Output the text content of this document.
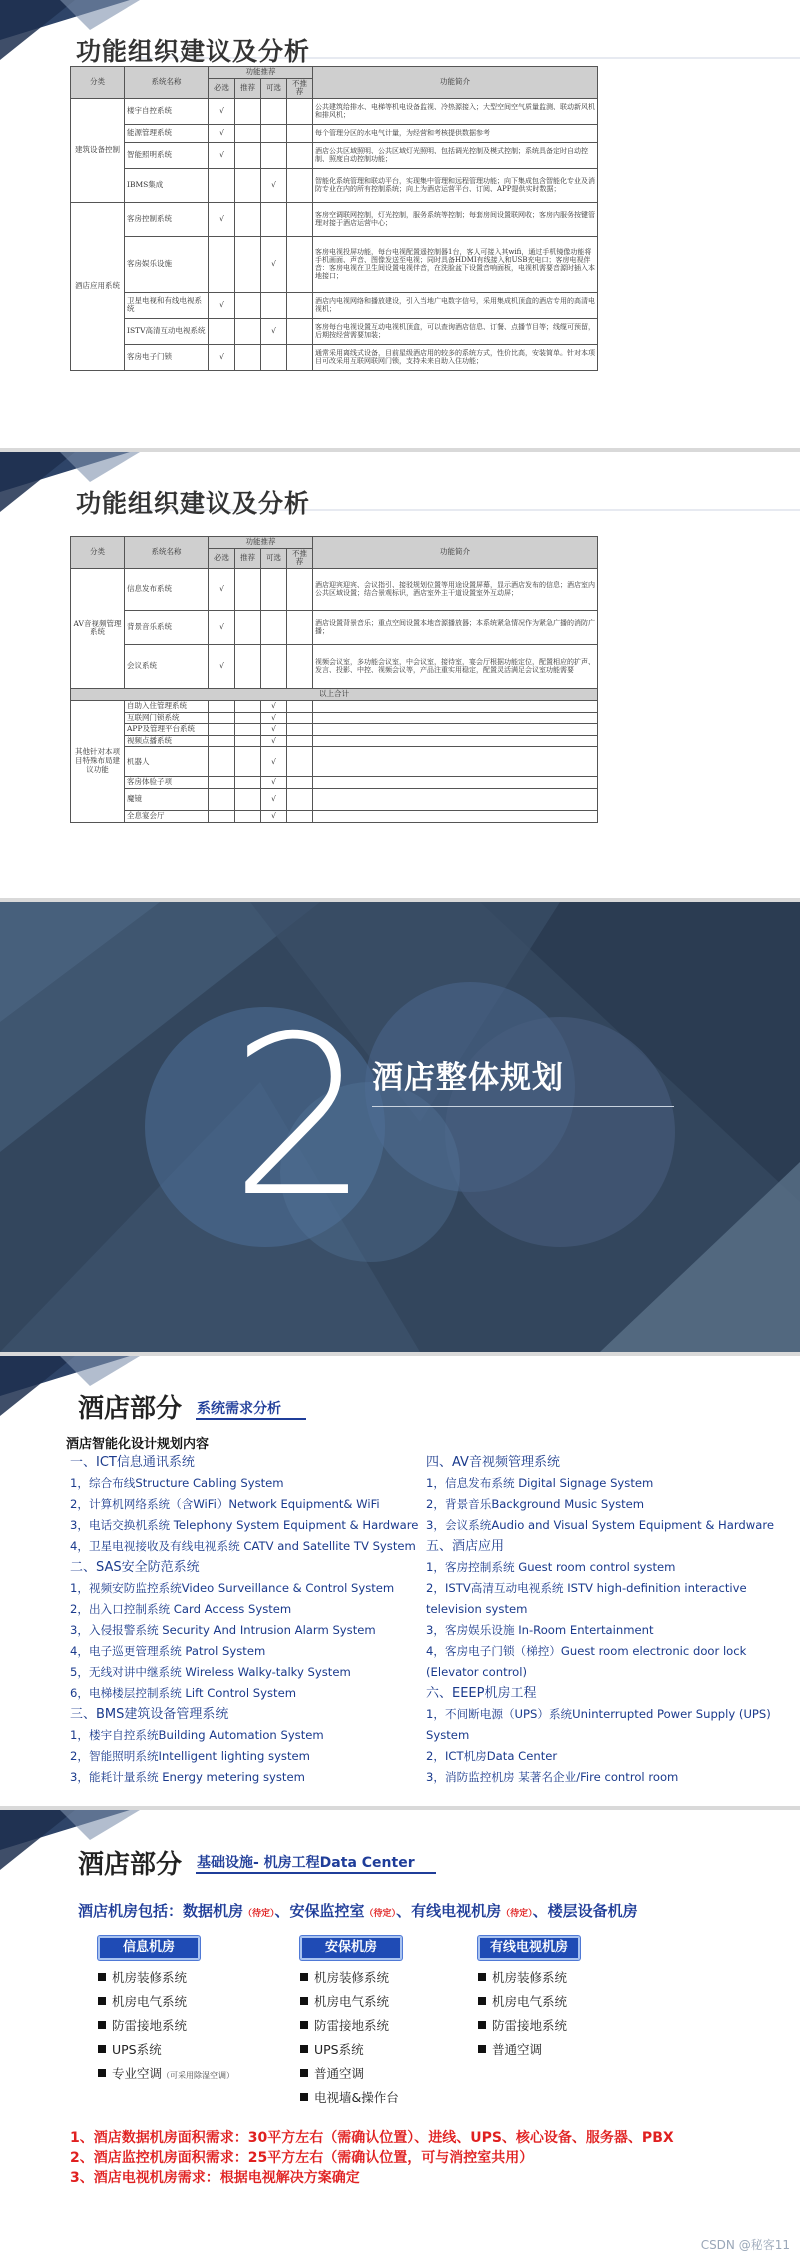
功能组织建议及分析
分类	系统名称	功能推荐				功能简介
		必选	推荐	可选	不推荐	
建筑设备控制	楼宇自控系统	√				公共建筑给排水、电梯等机电设备监视、冷热源接入；大型空间空气质量监测、联动新风机和排风机；
	能源管理系统	√				每个管理分区的水电气计量，为经营和考核提供数据参考
	智能照明系统	√				酒店公共区域照明、公共区域灯光照明、包括调光控制及模式控制；系统具备定时自动控制、照度自动控制功能；
	IBMS集成			√		智能化系统管理和联动平台，实现集中管理和远程管理功能；向下集成包含智能化专业及消防专业在内的所有控制系统；向上为酒店运营平台、订阅、APP提供实时数据；
酒店应用系统	客房控制系统	√				客房空调联网控制，灯光控制，服务系统等控制；每套房间设置联网收；客房内服务按键管理对接于酒店运营中心；
	客房娱乐设施			√		客房电视投屏功能，每台电视配置遥控制器1台，客人可接入其wifi，通过手机镜像功能将手机画面、声音、图像发送至电视；同时具备HDMI有线接入和USB充电口；客房电视伴音：客房电视在卫生间设置电视伴音，在洗脸盆下设置音响面板，电视机需要音源时插入本地接口；
	卫星电视和有线电视系统	√				酒店内电视网络和播放建设，引入当地广电数字信号，采用集成机顶盒的酒店专用的高清电视机；
	ISTV高清互动电视系统			√		客房每台电视设置互动电视机顶盒，可以查询酒店信息、订餐、点播节目等；线缆可预留，后期按经营需要加装；
	客房电子门锁	√				通常采用离线式设备，目前星级酒店用的较多的系统方式，性价比高，安装简单。针对本项目可改采用互联网联网门锁，支持未来自助入住功能；
功能组织建议及分析
分类	系统名称	功能推荐				功能简介
		必选	推荐	可选	不推荐	
AV音视频管理系统	信息发布系统	√				酒店迎宾迎宾、会议指引、接驳规划位置等用途设置屏幕，显示酒店发布的信息；酒店室内公共区域设置；结合景观标识，酒店室外主干道设置室外互动屏；
	背景音乐系统	√				酒店设置背景音乐；重点空间设置本地音源播放器；本系统紧急情况作为紧急广播的消防广播；
	会议系统	√				视频会议室，多功能会议室，中会议室，接待室，宴会厅根据功能定位，配置相应的扩声、发言、投影、中控、视频会议等，产品注重实用稳定，配置灵活满足会议室功能需要
以上合计						
其他针对本项目特殊布局建议功能	自助入住管理系统			√		
	互联网门锁系统			√		
	APP及管理平台系统			√		
	视频点播系统			√		
	机器人			√		
	客房体验子项			√		
	魔镜			√		
	全息宴会厅			√		
2 酒店整体规划
酒店部分 系统需求分析
酒店智能化设计规划内容
一、ICT信息通讯系统
1，综合布线Structure Cabling System
2，计算机网络系统（含WiFi）Network Equipment& WiFi
3，电话交换机系统 Telephony System Equipment & Hardware
4，卫星电视接收及有线电视系统 CATV and Satellite TV System
二、SAS安全防范系统
1，视频安防监控系统Video Surveillance & Control System
2，出入口控制系统 Card Access System
3，入侵报警系统 Security And Intrusion Alarm System
4，电子巡更管理系统 Patrol System
5，无线对讲中继系统 Wireless Walky-talky System
6，电梯楼层控制系统 Lift Control System
三、BMS建筑设备管理系统
1，楼宇自控系统Building Automation System
2，智能照明系统Intelligent lighting system
3，能耗计量系统 Energy metering system
四、AV音视频管理系统
1，信息发布系统 Digital Signage System
2，背景音乐Background Music System
3，会议系统Audio and Visual System Equipment & Hardware
五、酒店应用
1，客房控制系统 Guest room control system
2，ISTV高清互动电视系统 ISTV high-definition interactive
television system
3，客房娱乐设施 In-Room Entertainment
4，客房电子门锁（梯控）Guest room electronic door lock
(Elevator control)
六、EEEP机房工程
1，不间断电源（UPS）系统Uninterrupted Power Supply (UPS)
System
2，ICT机房Data Center
3，消防监控机房 某著名企业/Fire control room
酒店部分 基础设施- 机房工程Data Center
酒店机房包括：数据机房（待定）、安保监控室（待定）、有线电视机房（待定）、楼层设备机房
信息机房
机房装修系统
机房电气系统
防雷接地系统
UPS系统
专业空调（可采用除湿空调）
安保机房
机房装修系统
机房电气系统
防雷接地系统
UPS系统
普通空调
电视墙&操作台
有线电视机房
机房装修系统
机房电气系统
防雷接地系统
普通空调
1、酒店数据机房面积需求：30平方左右（需确认位置）、进线、UPS、核心设备、服务器、PBX
2、酒店监控机房面积需求：25平方左右（需确认位置，可与消控室共用）
3、酒店电视机房需求：根据电视解决方案确定
CSDN @秘客11
